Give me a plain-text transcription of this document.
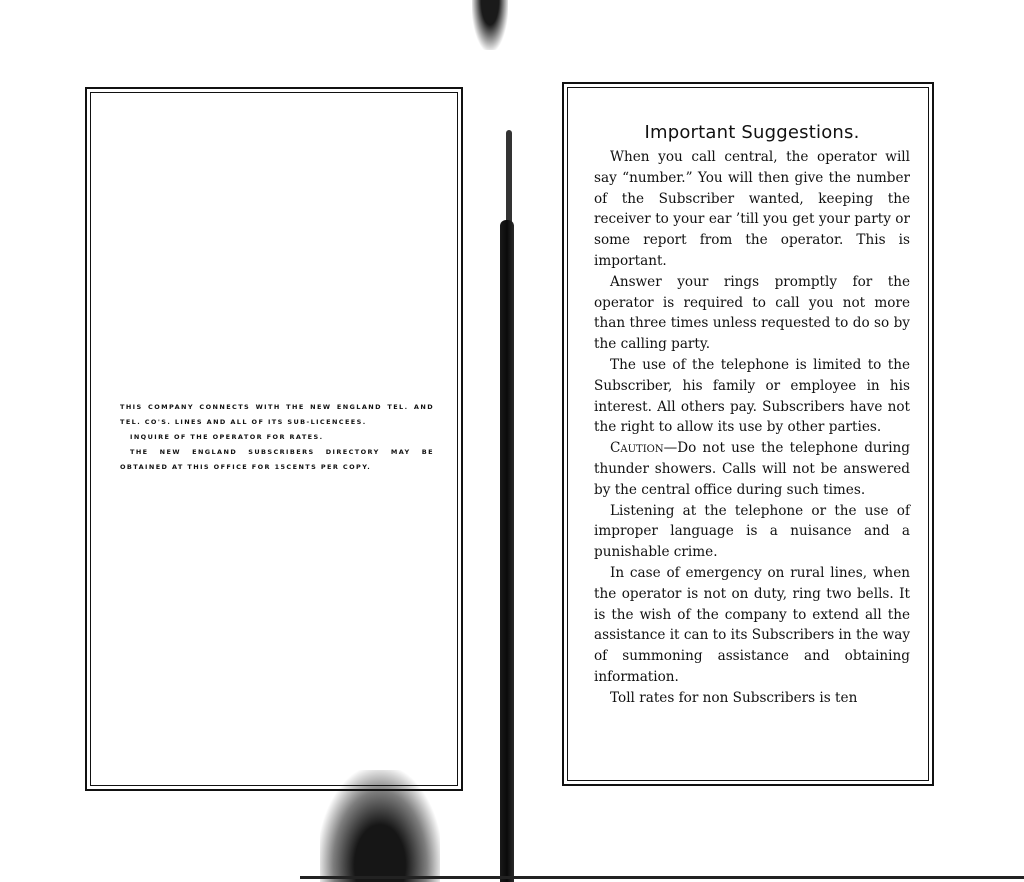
THIS COMPANY CONNECTS WITH THE NEW ENGLAND TEL. AND TEL. CO'S. LINES AND ALL OF ITS SUB-LICENCEES.

INQUIRE OF THE OPERATOR FOR RATES.

THE NEW ENGLAND SUBSCRIBERS DIRECTORY MAY BE OBTAINED AT THIS OFFICE FOR 15CENTS PER COPY.

Important Suggestions.

When you call central, the operator will say “number.” You will then give the number of the Subscriber wanted, keeping the receiver to your ear ’till you get your party or some report from the operator. This is important.

Answer your rings promptly for the operator is required to call you not more than three times unless requested to do so by the calling party.

The use of the telephone is limited to the Subscriber, his family or employee in his interest. All others pay. Subscribers have not the right to allow its use by other parties.

Caution—Do not use the telephone during thunder showers. Calls will not be answered by the central office during such times.

Listening at the telephone or the use of improper language is a nuisance and a punishable crime.

In case of emergency on rural lines, when the operator is not on duty, ring two bells. It is the wish of the company to extend all the assistance it can to its Subscribers in the way of summoning assistance and obtaining information.

Toll rates for non Subscribers is ten
